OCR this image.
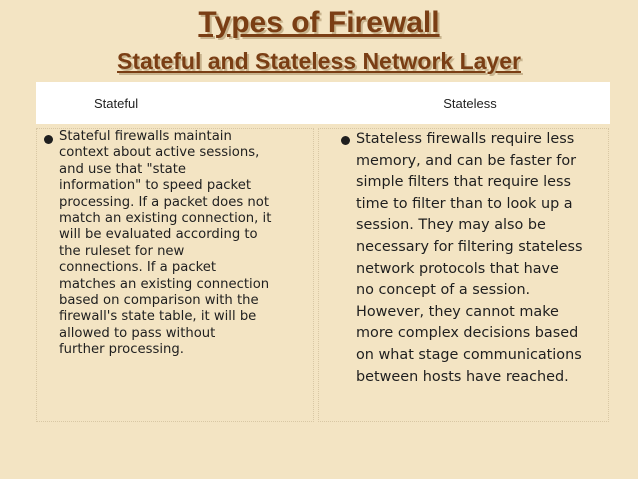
Types of Firewall
Stateful and Stateless Network Layer
Stateful	Stateless
Stateful firewalls maintain
context about active sessions,
and use that "state
information" to speed packet
processing. If a packet does not
match an existing connection, it
will be evaluated according to
the ruleset for new
connections. If a packet
matches an existing connection
based on comparison with the
firewall's state table, it will be
allowed to pass without
further processing.
Stateless firewalls require less
memory, and can be faster for
simple filters that require less
time to filter than to look up a
session. They may also be
necessary for filtering stateless
network protocols that have
no concept of a session.
However, they cannot make
more complex decisions based
on what stage communications
between hosts have reached.
